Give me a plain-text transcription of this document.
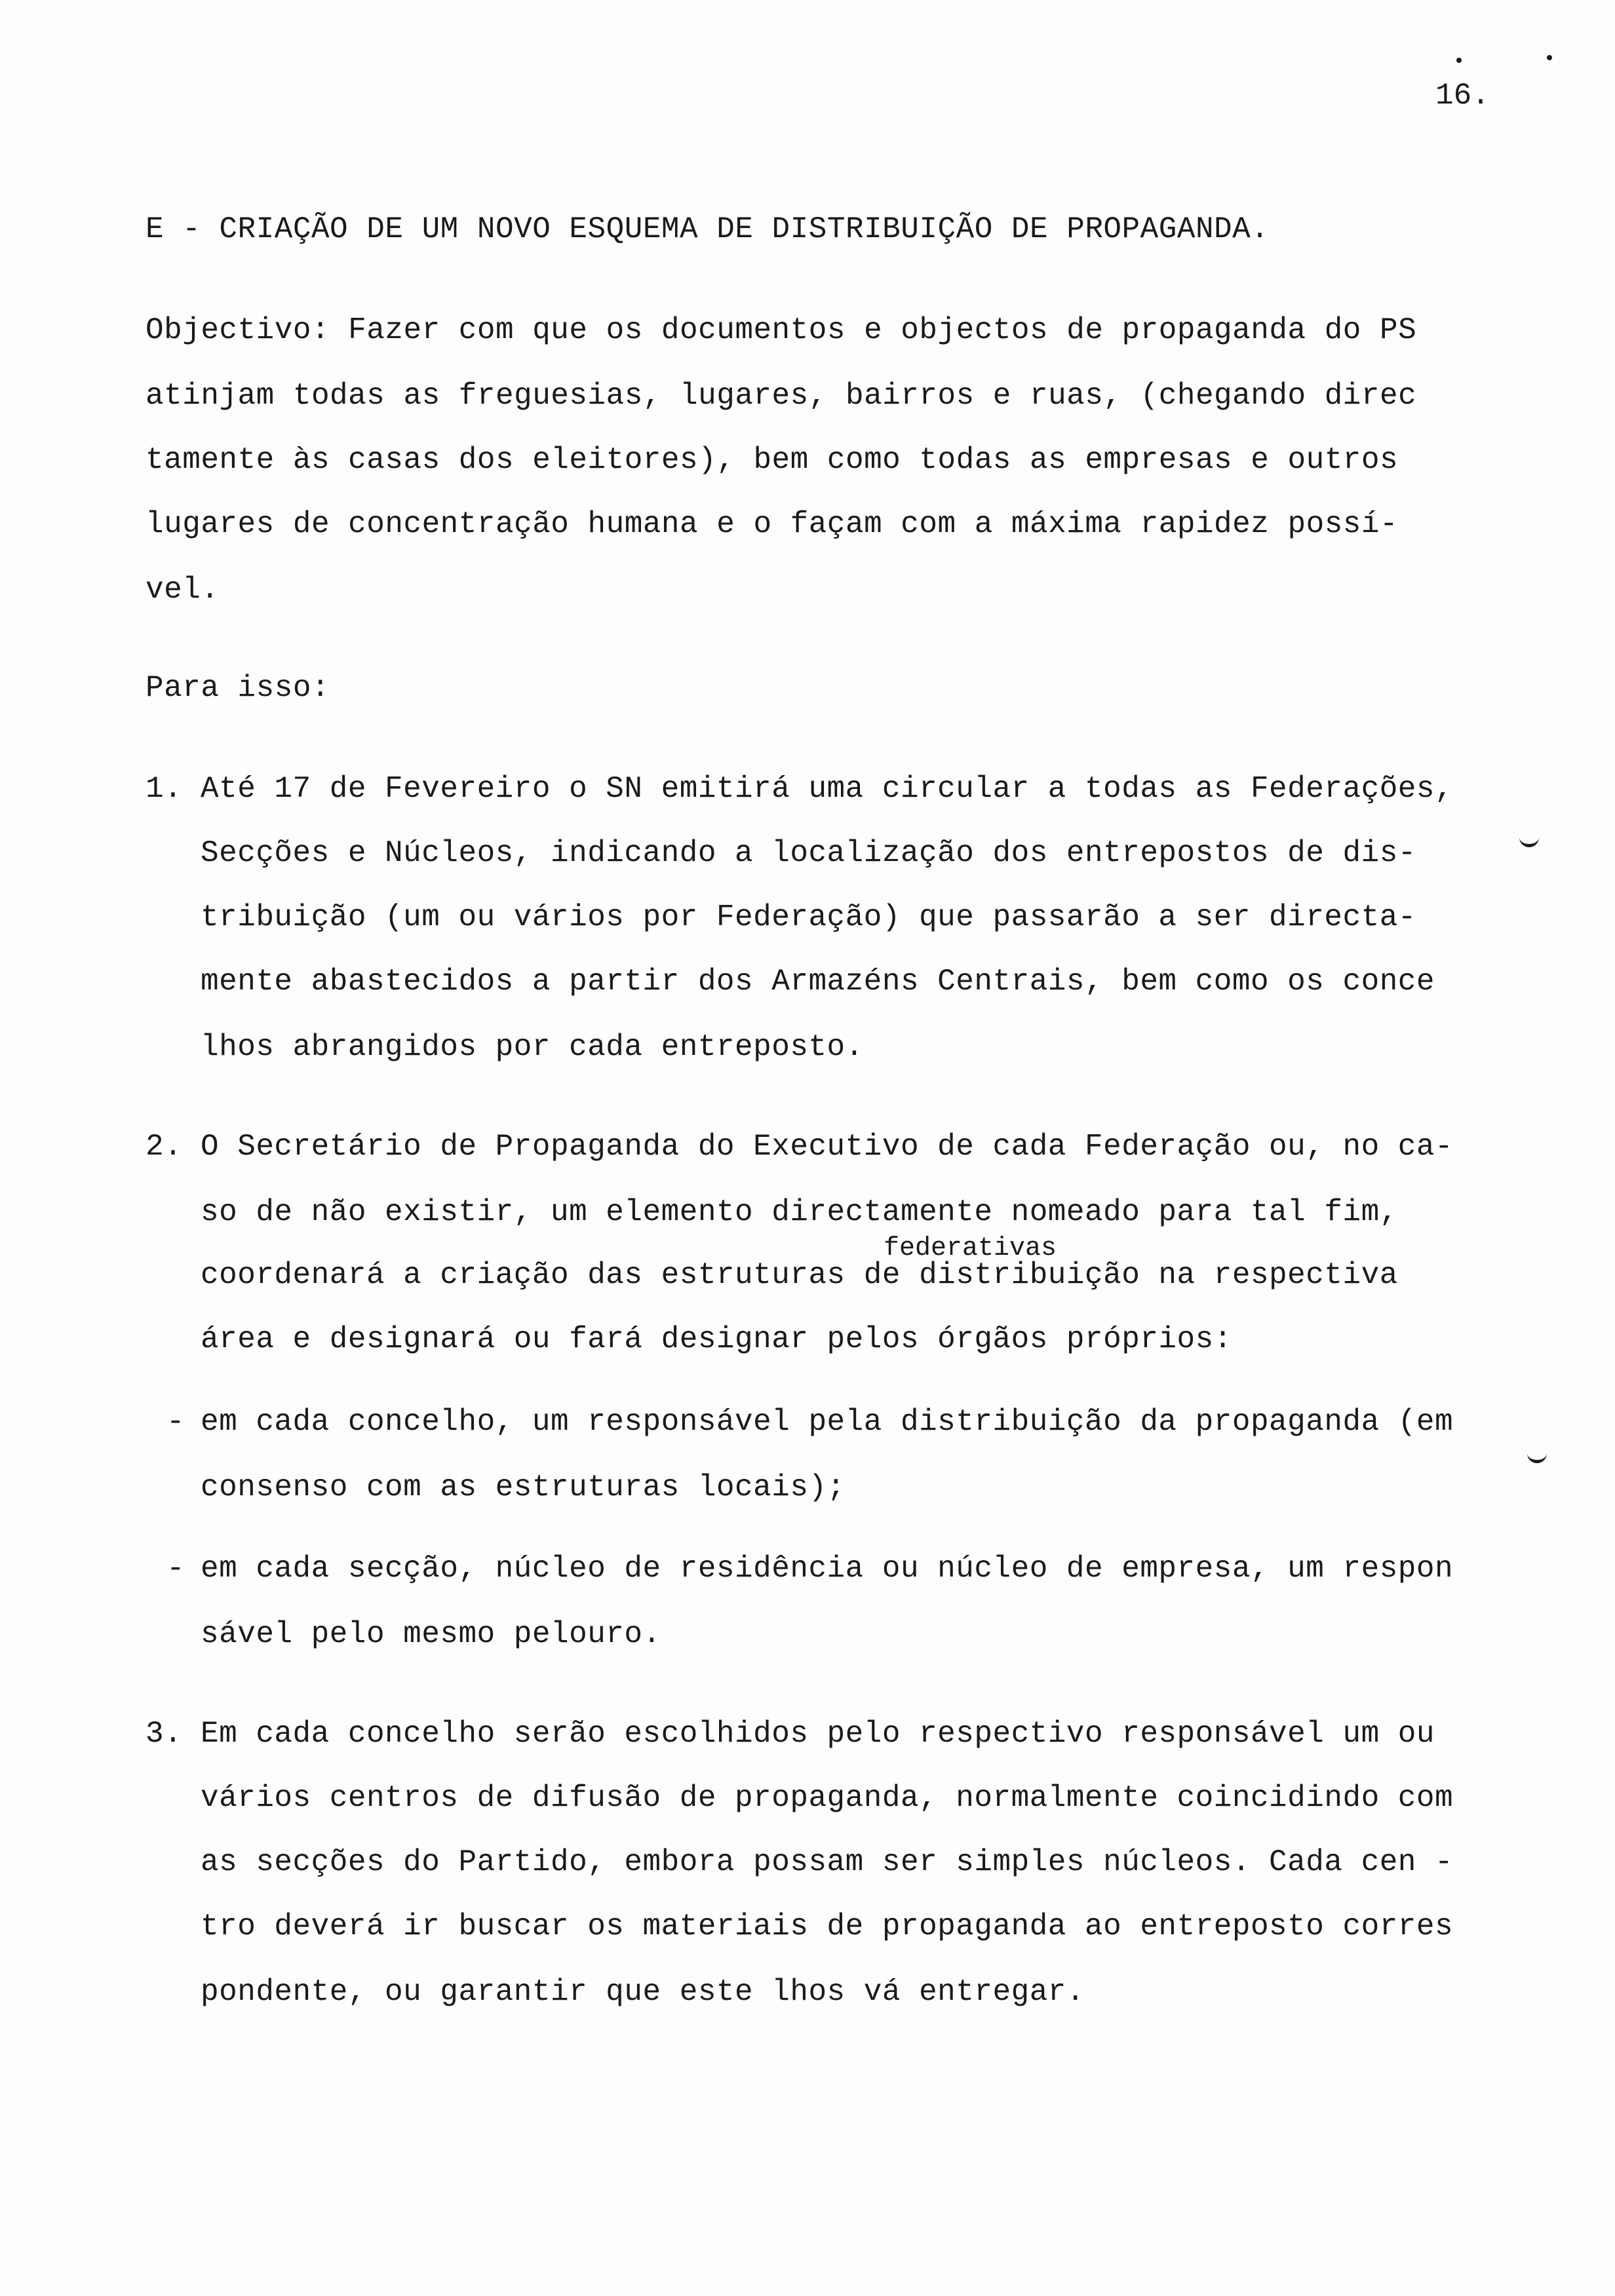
16.
E - CRIAÇÃO DE UM NOVO ESQUEMA DE DISTRIBUIÇÃO DE PROPAGANDA.
Objectivo: Fazer com que os documentos e objectos de propaganda do PS
atinjam todas as freguesias, lugares, bairros e ruas, (chegando direc
tamente às casas dos eleitores), bem como todas as empresas e outros
lugares de concentração humana e o façam com a máxima rapidez possí-
vel.
Para isso:
1. Até 17 de Fevereiro o SN emitirá uma circular a todas as Federações,
Secções e Núcleos, indicando a localização dos entrepostos de dis-
tribuição (um ou vários por Federação) que passarão a ser directa-
mente abastecidos a partir dos Armazéns Centrais, bem como os conce
lhos abrangidos por cada entreposto.
2. O Secretário de Propaganda do Executivo de cada Federação ou, no ca-
so de não existir, um elemento directamente nomeado para tal fim,
federativas
coordenará a criação das estruturas de distribuição na respectiva
área e designará ou fará designar pelos órgãos próprios:
- em cada concelho, um responsável pela distribuição da propaganda (em
consenso com as estruturas locais);
- em cada secção, núcleo de residência ou núcleo de empresa, um respon
sável pelo mesmo pelouro.
3. Em cada concelho serão escolhidos pelo respectivo responsável um ou
vários centros de difusão de propaganda, normalmente coincidindo com
as secções do Partido, embora possam ser simples núcleos. Cada cen -
tro deverá ir buscar os materiais de propaganda ao entreposto corres
pondente, ou garantir que este lhos vá entregar.
